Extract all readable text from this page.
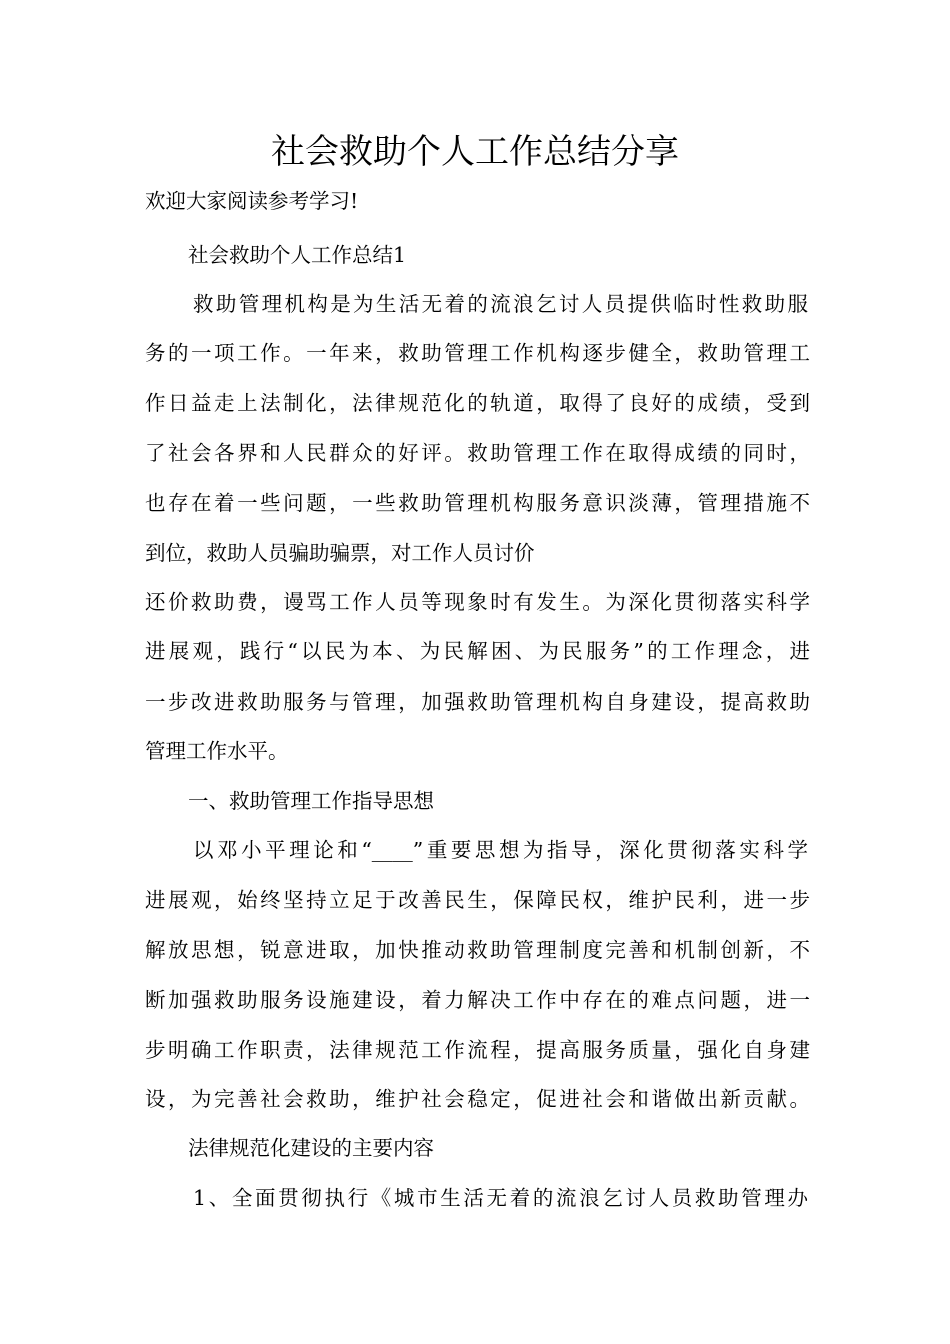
社会救助个人工作总结分享
欢迎大家阅读参考学习!
社会救助个人工作总结1
救助管理机构是为生活无着的流浪乞讨人员提供临时性救助服
务的一项工作。一年来，救助管理工作机构逐步健全，救助管理工
作日益走上法制化，法律规范化的轨道，取得了良好的成绩，受到
了社会各界和人民群众的好评。救助管理工作在取得成绩的同时，
也存在着一些问题，一些救助管理机构服务意识淡薄，管理措施不
到位，救助人员骗助骗票，对工作人员讨价
还价救助费，谩骂工作人员等现象时有发生。为深化贯彻落实科学
进展观，践行“以民为本、为民解困、为民服务”的工作理念，进
一步改进救助服务与管理，加强救助管理机构自身建设，提高救助
管理工作水平。
一、救助管理工作指导思想
以邓小平理论和“____”重要思想为指导，深化贯彻落实科学
进展观，始终坚持立足于改善民生，保障民权，维护民利，进一步
解放思想，锐意进取，加快推动救助管理制度完善和机制创新，不
断加强救助服务设施建设，着力解决工作中存在的难点问题，进一
步明确工作职责，法律规范工作流程，提高服务质量，强化自身建
设，为完善社会救助，维护社会稳定，促进社会和谐做出新贡献。
法律规范化建设的主要内容
1、全面贯彻执行《城市生活无着的流浪乞讨人员救助管理办
